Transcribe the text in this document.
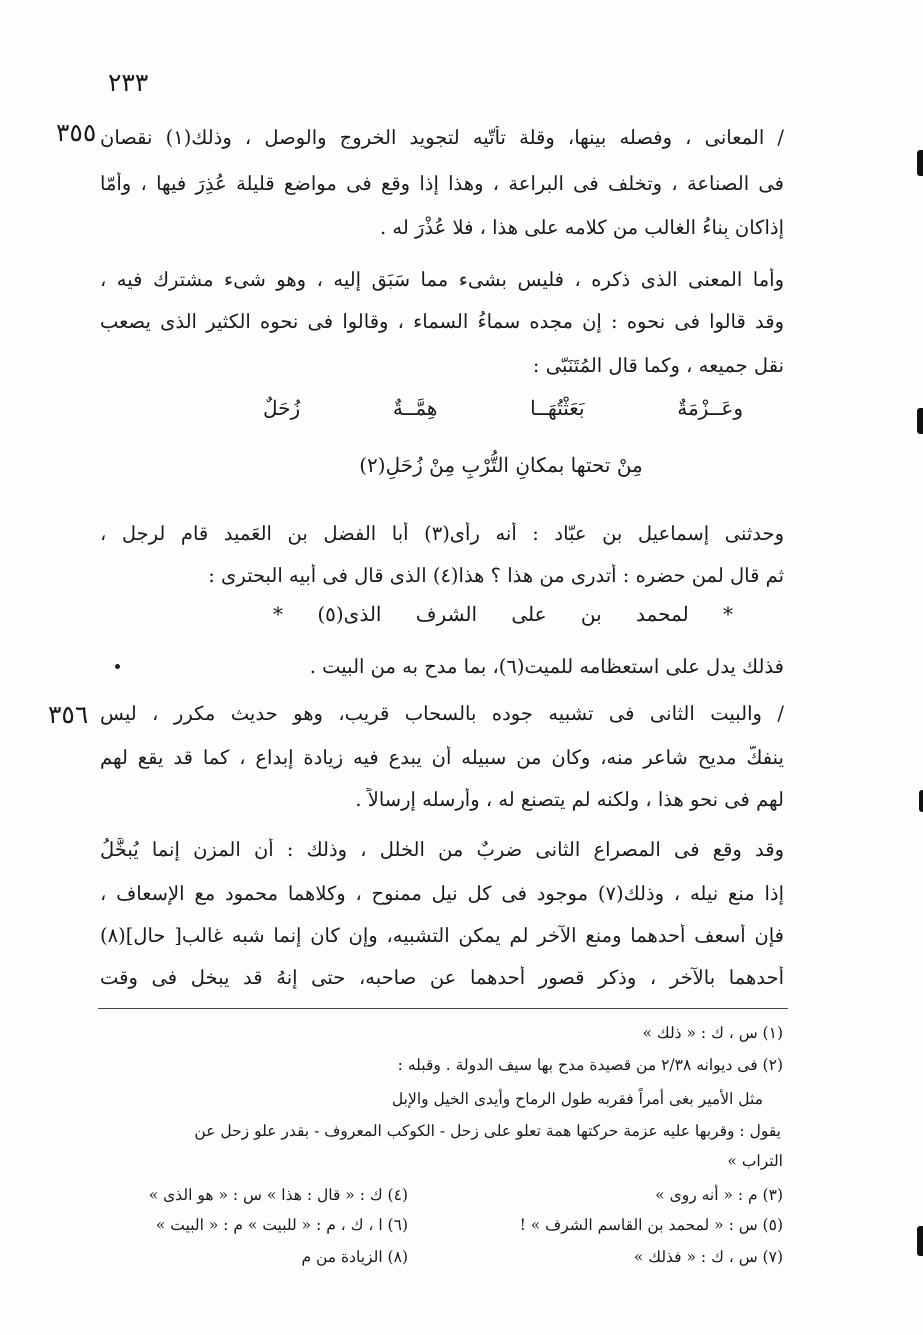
٢٣٣
٣٥٥
٣٥٦
/ المعانى ، وفصله بينها، وقلة تأتّيه لتجويد الخروج والوصل ، وذلك(١) نقصان
فى الصناعة ، وتخلف فى البراعة ، وهذا إذا وقع فى مواضع قليلة عُذِرَ فيها ، وأمّا
إذاكان بِناءُ الغالب من كلامه على هذا ، فلا عُذْرَ له .
وأما المعنى الذى ذكره ، فليس بشىء مما سَبَق إليه ، وهو شىء مشترك فيه ،
وقد قالوا فى نحوه : إن مجده سماءُ السماء ، وقالوا فى نحوه الكثير الذى يصعب
نقل جميعه ، وكما قال المُتَنَبّى :
وحدثنى إسماعيل بن عبّاد : أنه رأى(٣) أبا الفضل بن العَميد قام لرجل ،
ثم قال لمن حضره : أتدرى من هذا ؟ هذا(٤) الذى قال فى أبيه البحترى :
فذلك يدل على استعظامه للميت(٦)، بما مدح به من البيت .
/ والبيت الثانى فى تشبيه جوده بالسحاب قريب، وهو حديث مكرر ، ليس
ينفكّ مديح شاعر منه، وكان من سبيله أن يبدع فيه زيادة إبداع ، كما قد يقع لهم
لهم فى نحو هذا ، ولكنه لم يتصنع له ، وأرسله إرسالاً .
وقد وقع فى المصراع الثانى ضربٌ من الخلل ، وذلك : أن المزن إنما يُبخَّلُ
إذا منع نيله ، وذلك(٧) موجود فى كل نيل ممنوح ، وكلاهما محمود مع الإسعاف ،
فإن أسعف أحدهما ومنع الآخر لم يمكن التشبيه، وإن كان إنما شبه غالب[ حال](٨)
أحدهما بالآخر ، وذكر قصور أحدهما عن صاحبه، حتى إنهُ قد يبخل فى وقت
وعَــزْمَةٌ بَعَثْتُهَــا هِمَّــةٌ زُحَلٌ
مِنْ تحتها بمكانِ التُّرْبِ مِنْ زُحَلِ(٢)
* لمحمد بن على الشرف الذى(٥) *
(١) س ، ك : « ذلك »
(٢) فى ديوانه ٢/٣٨ من قصيدة مدح بها سيف الدولة . وقبله :
مثل الأمير بغى أمراً فقربه طول الرماح وأيدى الخيل والإبل
يقول : وقربها عليه عزمة حركتها همة تعلو على زحل - الكوكب المعروف - بقدر علو زحل عن
التراب »
(٣) م : « أنه روى »
(٤) ك : « قال : هذا » س : « هو الذى »
(٥) س : « لمحمد بن القاسم الشرف » !
(٦) ا ، ك ، م : « للبيت » م : « البيت »
(٧) س ، ك : « فذلك »
(٨) الزيادة من م
